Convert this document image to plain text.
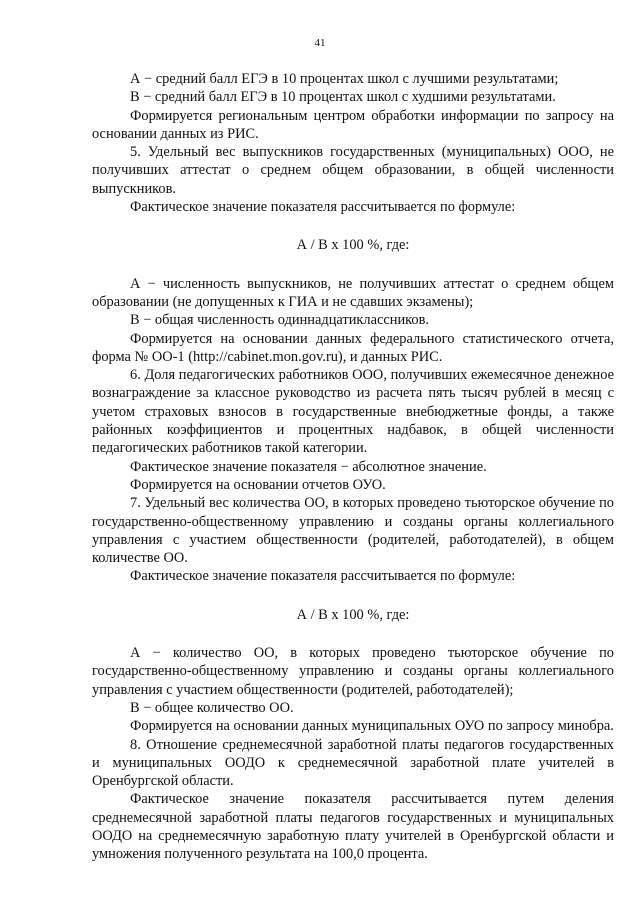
41

А − средний балл ЕГЭ в 10 процентах школ с лучшими результатами;

В − средний балл ЕГЭ в 10 процентах школ с худшими результатами.

Формируется региональным центром обработки информации по запросу на основании данных из РИС.

5. Удельный вес выпускников государственных (муниципальных) ООО, не получивших аттестат о среднем общем образовании, в общей численности выпускников.

Фактическое значение показателя рассчитывается по формуле:

А / В х 100 %, где:

А − численность выпускников, не получивших аттестат о среднем общем образовании (не допущенных к ГИА и не сдавших экзамены);

В − общая численность одиннадцатиклассников.

Формируется на основании данных федерального статистического отчета, форма № ОО-1 (http://cabinet.mon.gov.ru), и данных РИС.

6. Доля педагогических работников ООО, получивших ежемесячное денежное вознаграждение за классное руководство из расчета пять тысяч рублей в месяц с учетом страховых взносов в государственные внебюджетные фонды, а также районных коэффициентов и процентных надбавок, в общей численности педагогических работников такой категории.

Фактическое значение показателя − абсолютное значение.

Формируется на основании отчетов ОУО.

7. Удельный вес количества ОО, в которых проведено тьюторское обучение по государственно-общественному управлению и созданы органы коллегиального управления с участием общественности (родителей, работодателей), в общем количестве ОО.

Фактическое значение показателя рассчитывается по формуле:

А / В х 100 %, где:

А − количество ОО, в которых проведено тьюторское обучение по государственно-общественному управлению и созданы органы коллегиального управления с участием общественности (родителей, работодателей);

В − общее количество ОО.

Формируется на основании данных муниципальных ОУО по запросу минобра.

8. Отношение среднемесячной заработной платы педагогов государственных и муниципальных ООДО к среднемесячной заработной плате учителей в Оренбургской области.

Фактическое значение показателя рассчитывается путем деления среднемесячной заработной платы педагогов государственных и муниципальных ООДО на среднемесячную заработную плату учителей в Оренбургской области и умножения полученного результата на 100,0 процента.
